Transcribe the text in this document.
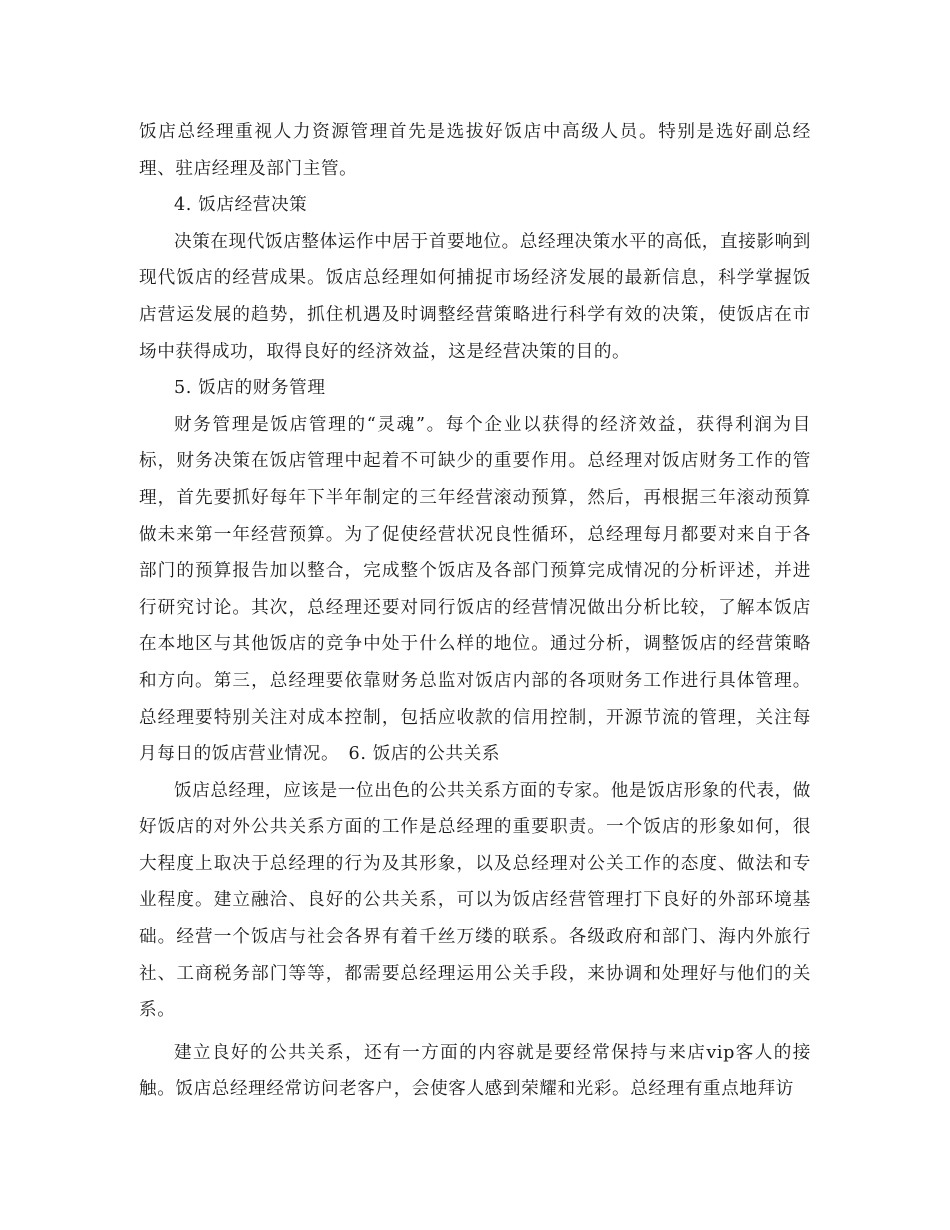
饭店总经理重视人力资源管理首先是选拔好饭店中高级人员。特别是选好副总经理、驻店经理及部门主管。

4. 饭店经营决策

决策在现代饭店整体运作中居于首要地位。总经理决策水平的高低，直接影响到现代饭店的经营成果。饭店总经理如何捕捉市场经济发展的最新信息，科学掌握饭店营运发展的趋势，抓住机遇及时调整经营策略进行科学有效的决策，使饭店在市场中获得成功，取得良好的经济效益，这是经营决策的目的。

5. 饭店的财务管理

财务管理是饭店管理的“灵魂”。每个企业以获得的经济效益，获得利润为目标，财务决策在饭店管理中起着不可缺少的重要作用。总经理对饭店财务工作的管理，首先要抓好每年下半年制定的三年经营滚动预算，然后，再根据三年滚动预算做未来第一年经营预算。为了促使经营状况良性循环，总经理每月都要对来自于各部门的预算报告加以整合，完成整个饭店及各部门预算完成情况的分析评述，并进行研究讨论。其次，总经理还要对同行饭店的经营情况做出分析比较，了解本饭店在本地区与其他饭店的竞争中处于什么样的地位。通过分析，调整饭店的经营策略和方向。第三，总经理要依靠财务总监对饭店内部的各项财务工作进行具体管理。总经理要特别关注对成本控制，包括应收款的信用控制，开源节流的管理，关注每月每日的饭店营业情况。　6. 饭店的公共关系

饭店总经理，应该是一位出色的公共关系方面的专家。他是饭店形象的代表，做好饭店的对外公共关系方面的工作是总经理的重要职责。一个饭店的形象如何，很大程度上取决于总经理的行为及其形象，以及总经理对公关工作的态度、做法和专业程度。建立融洽、良好的公共关系，可以为饭店经营管理打下良好的外部环境基础。经营一个饭店与社会各界有着千丝万缕的联系。各级政府和部门、海内外旅行社、工商税务部门等等，都需要总经理运用公关手段，来协调和处理好与他们的关系。

建立良好的公共关系，还有一方面的内容就是要经常保持与来店vip客人的接触。饭店总经理经常访问老客户，会使客人感到荣耀和光彩。总经理有重点地拜访
